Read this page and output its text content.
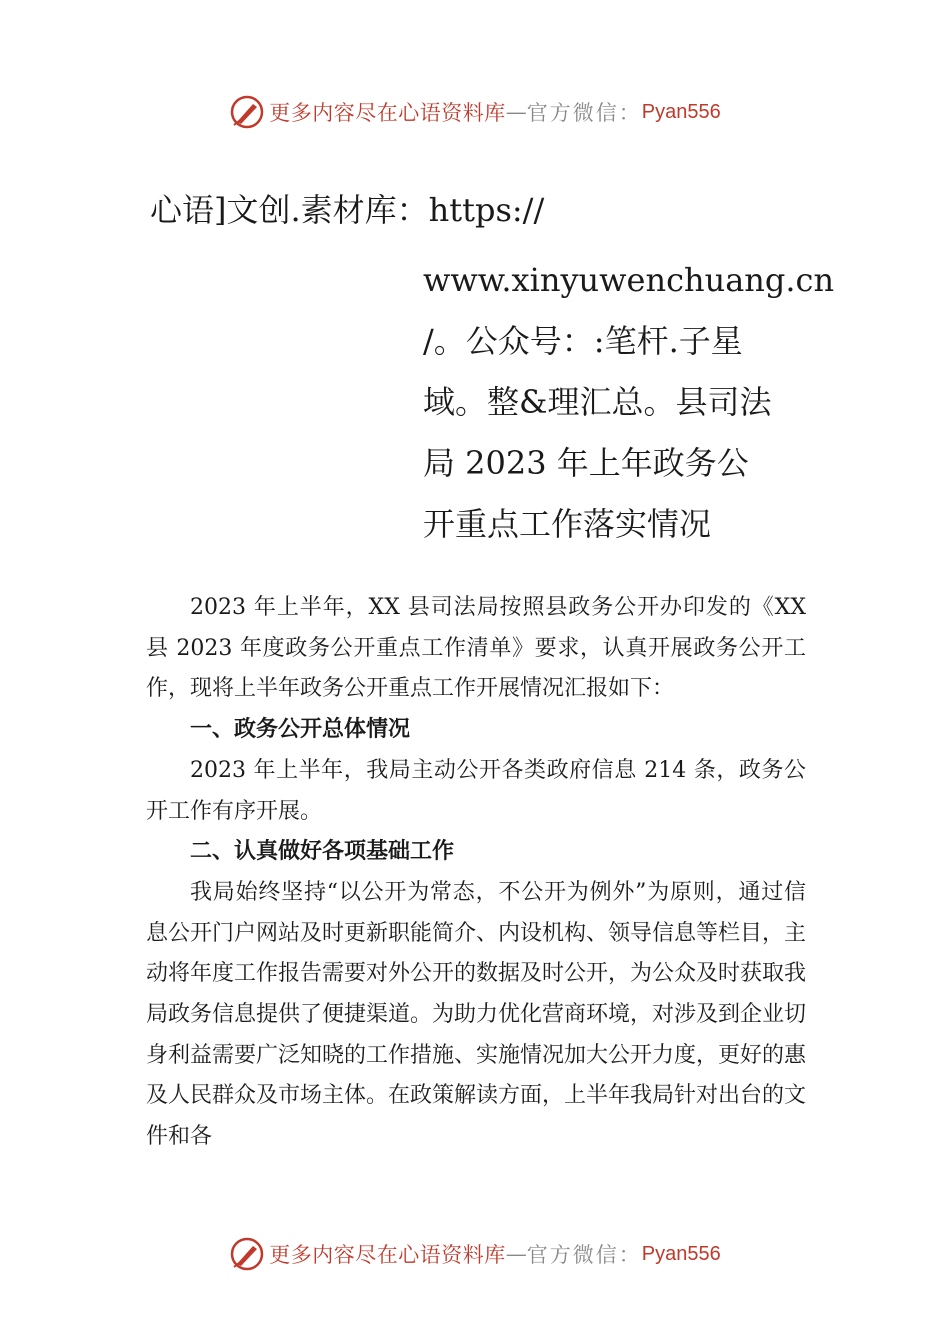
更多内容尽在心语资料库 — 官方微信： Pyan556
心语]文创.素材库：https://
www.xinyuwenchuang.cn
/。公众号：:笔杆.子星
域。整&理汇总。县司法
局 2023 年上年政务公
开重点工作落实情况

2023 年上半年，XX 县司法局按照县政务公开办印发的《XX 县 2023 年度政务公开重点工作清单》要求，认真开展政务公开工作，现将上半年政务公开重点工作开展情况汇报如下：

一、政务公开总体情况

2023 年上半年，我局主动公开各类政府信息 214 条，政务公开工作有序开展。

二、认真做好各项基础工作

我局始终坚持“以公开为常态，不公开为例外”为原则，通过信息公开门户网站及时更新职能简介、内设机构、领导信息等栏目，主动将年度工作报告需要对外公开的数据及时公开，为公众及时获取我局政务信息提供了便捷渠道。为助力优化营商环境，对涉及到企业切身利益需要广泛知晓的工作措施、实施情况加大公开力度，更好的惠及人民群众及市场主体。在政策解读方面，上半年我局针对出台的文件和各

更多内容尽在心语资料库 — 官方微信： Pyan556
